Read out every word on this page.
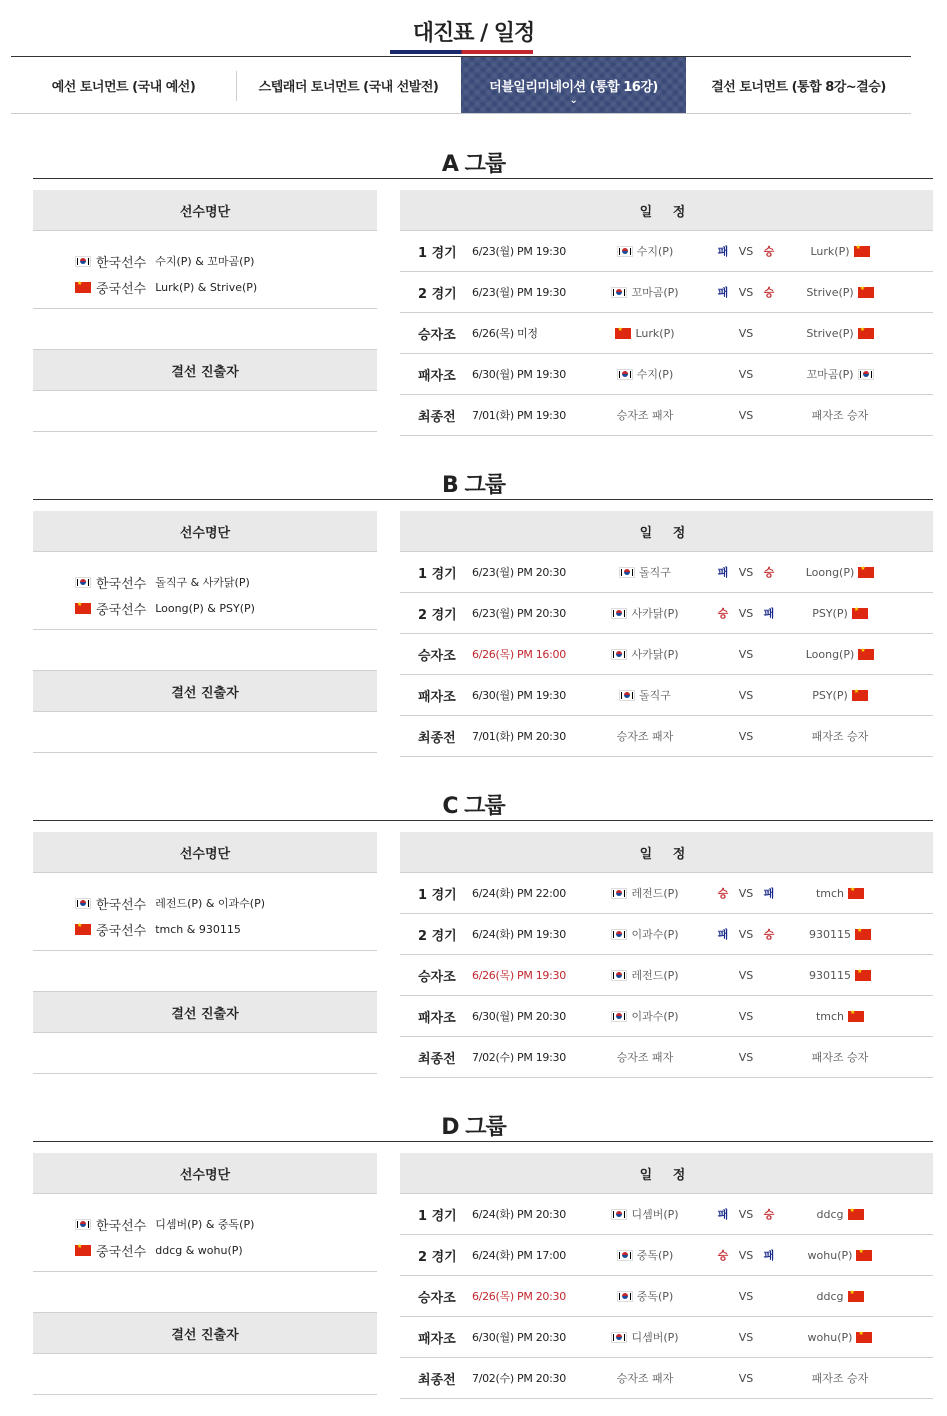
대진표 / 일정
예선 토너먼트 (국내 예선)	스텝래더 토너먼트 (국내 선발전)	더블일리미네이션 (통합 16강)
⌄
결선 토너먼트 (통합 8강~결승)
A 그룹
선수명단
한국선수 수지(P) & 꼬마곰(P)
★
중국선수 Lurk(P) & Strive(P)
결선 진출자
일 정
1 경기 6/23(월) PM 19:30	수지(P)	패 VS 승	Lurk(P)
★
2 경기 6/23(월) PM 19:30	꼬마곰(P)	패 VS 승	Strive(P)
★
승자조 6/26(목) 미정 ★	Lurk(P)	VS	Strive(P)
★
패자조 6/30(월) PM 19:30	수지(P)	VS	꼬마곰(P)
최종전 7/01(화) PM 19:30	승자조 패자	VS	패자조 승자
B 그룹
선수명단
한국선수 돌직구 & 사카닭(P)
★
중국선수 Loong(P) & PSY(P)
결선 진출자
일 정
1 경기 6/23(월) PM 20:30	돌직구	패 VS 승	Loong(P)
★
2 경기 6/23(월) PM 20:30	사카닭(P)	승 VS 패	PSY(P)
★
승자조 6/26(목) PM 16:00	사카닭(P)	VS	Loong(P)
★
패자조 6/30(월) PM 19:30	돌직구	VS	PSY(P)
★
최종전 7/01(화) PM 20:30	승자조 패자	VS	패자조 승자
C 그룹
선수명단
한국선수 레전드(P) & 이과수(P)
★
중국선수 tmch & 930115
결선 진출자
일 정
1 경기 6/24(화) PM 22:00	레전드(P)	승 VS 패	tmch
★
2 경기 6/24(화) PM 19:30	이과수(P)	패 VS 승	930115
★
승자조 6/26(목) PM 19:30	레전드(P)	VS	930115
★
패자조 6/30(월) PM 20:30	이과수(P)	VS	tmch
★
최종전 7/02(수) PM 19:30	승자조 패자	VS	패자조 승자
D 그룹
선수명단
한국선수 디셈버(P) & 중독(P)
★
중국선수 ddcg & wohu(P)
결선 진출자
일 정
1 경기 6/24(화) PM 20:30	디셈버(P)	패 VS 승	ddcg
★
2 경기 6/24(화) PM 17:00	중독(P)	승 VS 패	wohu(P)
★
승자조 6/26(목) PM 20:30	중독(P)	VS	ddcg
★
패자조 6/30(월) PM 20:30	디셈버(P)	VS	wohu(P)
★
최종전 7/02(수) PM 20:30	승자조 패자	VS	패자조 승자
